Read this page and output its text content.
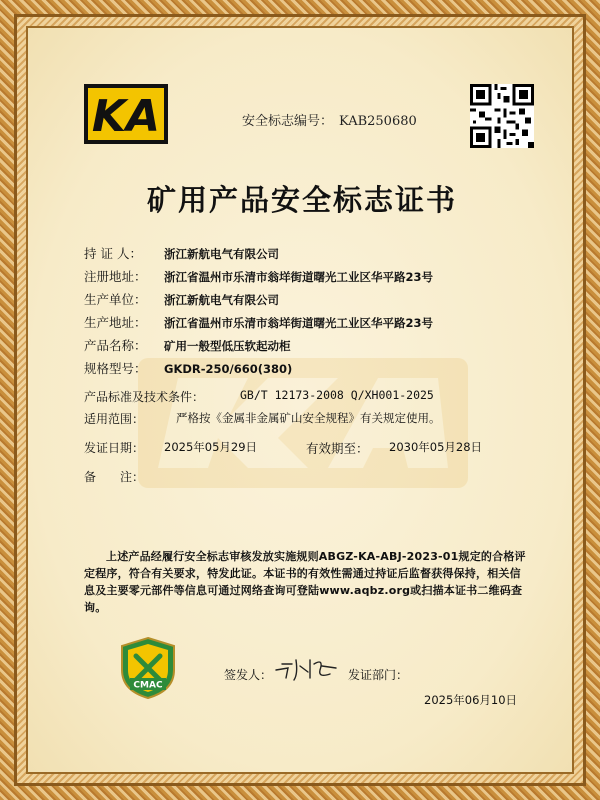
KA	安全标志编号： KAB250680
矿用产品安全标志证书
持 证 人： 浙江新航电气有限公司
注册地址： 浙江省温州市乐清市翁垟街道曙光工业区华平路23号
生产单位： 浙江新航电气有限公司
生产地址： 浙江省温州市乐清市翁垟街道曙光工业区华平路23号
产品名称： 矿用一般型低压软起动柜
规格型号： GKDR-250/660(380)
产品标准及技术条件：	GB/T 12173-2008 Q/XH001-2025
适用范围：	严格按《金属非金属矿山安全规程》有关规定使用。
发证日期： 2025年05月29日	有效期至： 2030年05月28日
备　　注：
上述产品经履行安全标志审核发放实施规则ABGZ-KA-ABJ-2023-01规定的合格评定程序，符合有关要求，特发此证。本证书的有效性需通过持证后监督获得保持，相关信息及主要零元部件等信息可通过网络查询可登陆www.aqbz.org或扫描本证书二维码查询。
CMAC
签发人：	发证部门：
2025年06月10日
